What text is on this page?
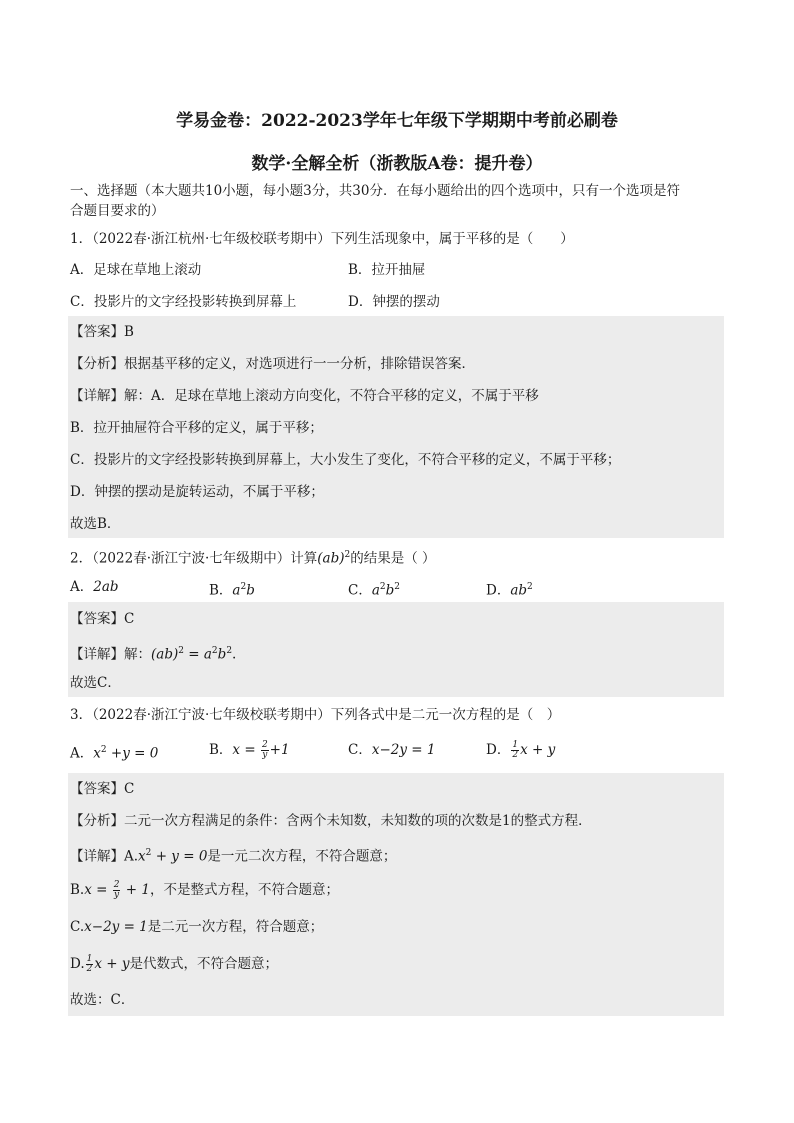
学易金卷：2022-2023学年七年级下学期期中考前必刷卷
数学·全解全析（浙教版A卷：提升卷）
一、选择题（本大题共10小题，每小题3分，共30分．在每小题给出的四个选项中，只有一个选项是符
合题目要求的）
1．（2022春·浙江杭州·七年级校联考期中）下列生活现象中，属于平移的是（　　）
A．足球在草地上滚动	B．拉开抽屉
C．投影片的文字经投影转换到屏幕上	D．钟摆的摆动
【答案】B
【分析】根据基平移的定义，对选项进行一一分析，排除错误答案．
【详解】解：A．足球在草地上滚动方向变化，不符合平移的定义，不属于平移
B．拉开抽屉符合平移的定义，属于平移；
C．投影片的文字经投影转换到屏幕上，大小发生了变化，不符合平移的定义，不属于平移；
D．钟摆的摆动是旋转运动，不属于平移；
故选B．
2．（2022春·浙江宁波·七年级期中）计算(ab)$^2$的结果是（ ）
A．2ab	B．$a^2b$	C．$a^2b^2$	D．$ab^2$
【答案】C
【详解】解：$(ab)^2 = a^2b^2$.
故选C．
3．（2022春·浙江宁波·七年级校联考期中）下列各式中是二元一次方程的是（　）
A．$x^2 +y = 0$	B．$x = \frac{2}{y} +1$	C．x−2y = 1	D． $\frac{1}{2}$ x + y
【答案】C
【分析】二元一次方程满足的条件：含两个未知数，未知数的项的次数是1的整式方程．
【详解】$A.x^2 + y = 0$是一元二次方程，不符合题意；
$B.x = \frac{2}{y} + 1$，不是整式方程，不符合题意；
C.x−2y = 1是二元一次方程，符合题意；
D. $\frac{1}{2}$ x + y是代数式，不符合题意；
故选：C．
